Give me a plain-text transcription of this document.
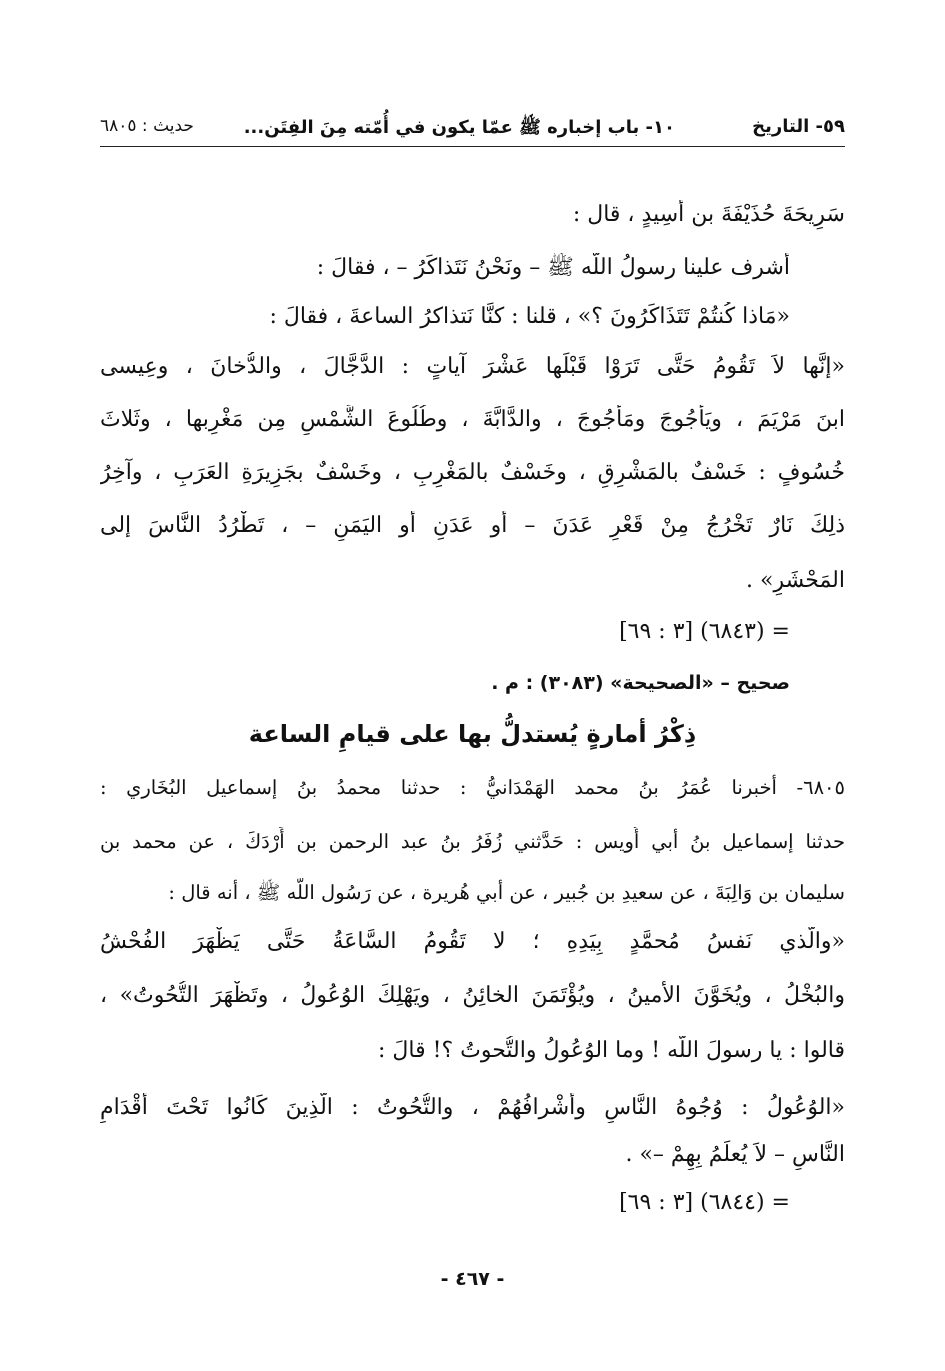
٥٩- التاريخ
١٠- باب إخباره ﷺ عمّا يكون في أُمّته مِنَ الفِتَن...
حديث : ٦٨٠٥
سَرِيحَةَ حُذَيْفَةَ بن أَسِيدٍ ، قال :
أشرف علينا رسولُ اللّه ﷺ – ونَحْنُ نَتَذاكَرُ – ، فقالَ :
«مَاذا كُنتُمْ تَتَذَاكَرُونَ ؟» ، قلنا : كنَّا نَتذاكرُ الساعةَ ، فقالَ :
«إنَّها لاَ تَقُومُ حَتَّى تَرَوْا قَبْلَها عَشْرَ آياتٍ : الدَّجَّالَ ، والدُّخانَ ، وعِيسى
ابنَ مَرْيَمَ ، ويَأْجُوجَ ومَأْجُوجَ ، والدَّابَّةَ ، وطُلُوعَ الشَّمْسِ مِن مَغْرِبها ، وثَلاثَ
خُسُوفٍ : خَسْفٌ بالمَشْرِقِ ، وخَسْفٌ بالمَغْرِبِ ، وخَسْفٌ بجَزِيرَةِ العَرَبِ ، وآخِرُ
ذلِكَ نَارٌ تَخْرُجُ مِنْ قَعْرِ عَدَنَ – أو عَدَنِ أو اليَمَنِ – ، تَطْرُدُ النَّاسَ إلى
المَحْشَرِ» .
= (٦٨٤٣) [٣ : ٦٩]
صحيح – «الصحيحة» (٣٠٨٣) : م .
ذِكْرُ أمارةٍ يُستدلُّ بها على قيامِ الساعة
٦٨٠٥- أخبرنا عُمَرُ بنُ محمد الهَمْدَانيُّ : حدثنا محمدُ بنُ إسماعيل البُخَاري :
حدثنا إسماعيل بنُ أبي أُويس : حَدَّثني زُفَرُ بنُ عبد الرحمن بن أَرْدَكَ ، عن محمد بن
سليمان بن وَالِبَةَ ، عن سعيدِ بن جُبير ، عن أبي هُريرة ، عن رَسُول اللّه ﷺ ، أنه قال :
«والَّذي نَفسُ مُحمَّدٍ بِيَدِهِ ؛ لا تَقُومُ السَّاعَةُ حَتَّى يَظْهَرَ الفُحْشُ
والبُخْلُ ، ويُخَوَّنَ الأمينُ ، ويُؤْتَمَنَ الخائِنُ ، ويَهْلِكَ الوُعُولُ ، وتَظْهَرَ التُّحُوتُ» ،
قالوا : يا رسولَ اللّه ! وما الوُعُولُ والتُّحوتُ ؟! قالَ :
«الوُعُولُ : وُجُوهُ النَّاسِ وأَشْرافُهُمْ ، والتُّحُوتُ : الَّذِينَ كَانُوا تَحْتَ أَقْدَامِ
النَّاسِ – لاَ يُعلَمُ بِهِمْ –» .
= (٦٨٤٤) [٣ : ٦٩]
- ٤٦٧ -
